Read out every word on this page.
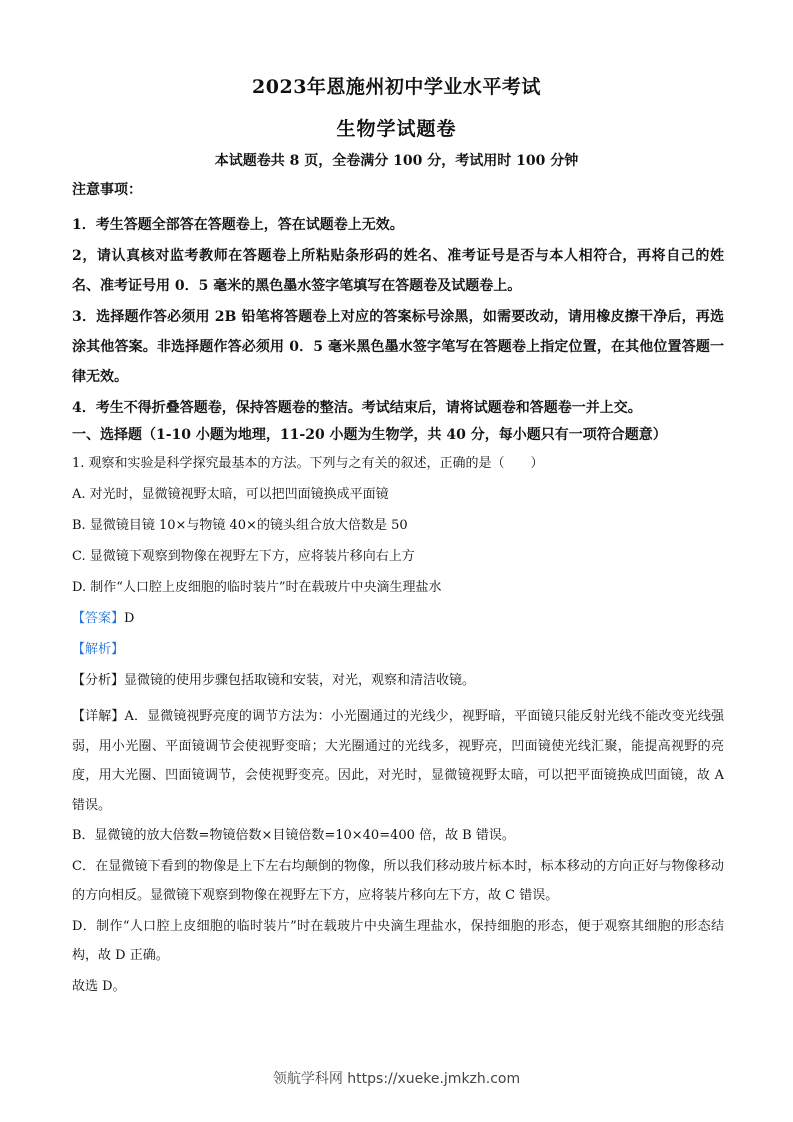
2023年恩施州初中学业水平考试
生物学试题卷
本试题卷共 8 页，全卷满分 100 分，考试用时 100 分钟
注意事项：
1．考生答题全部答在答题卷上，答在试题卷上无效。
2，请认真核对监考教师在答题卷上所粘贴条形码的姓名、准考证号是否与本人相符合，再将自己的姓名、准考证号用 0．5 毫米的黑色墨水签字笔填写在答题卷及试题卷上。
3．选择题作答必须用 2B 铅笔将答题卷上对应的答案标号涂黑，如需要改动，请用橡皮擦干净后，再选涂其他答案。非选择题作答必须用 0．5 毫米黑色墨水签字笔写在答题卷上指定位置，在其他位置答题一律无效。
4．考生不得折叠答题卷，保持答题卷的整洁。考试结束后，请将试题卷和答题卷一并上交。
一、选择题（1-10 小题为地理，11-20 小题为生物学，共 40 分，每小题只有一项符合题意）
1. 观察和实验是科学探究最基本的方法。下列与之有关的叙述，正确的是（　　）
A. 对光时，显微镜视野太暗，可以把凹面镜换成平面镜
B. 显微镜目镜 10×与物镜 40×的镜头组合放大倍数是 50
C. 显微镜下观察到物像在视野左下方，应将装片移向右上方
D. 制作“人口腔上皮细胞的临时装片”时在载玻片中央滴生理盐水
【答案】D
【解析】
【分析】显微镜的使用步骤包括取镜和安装，对光，观察和清洁收镜。
【详解】A．显微镜视野亮度的调节方法为：小光圈通过的光线少，视野暗，平面镜只能反射光线不能改变光线强弱，用小光圈、平面镜调节会使视野变暗；大光圈通过的光线多，视野亮，凹面镜使光线汇聚，能提高视野的亮度，用大光圈、凹面镜调节，会使视野变亮。因此，对光时，显微镜视野太暗，可以把平面镜换成凹面镜，故 A 错误。
B．显微镜的放大倍数=物镜倍数×目镜倍数=10×40=400 倍，故 B 错误。
C．在显微镜下看到的物像是上下左右均颠倒的物像，所以我们移动玻片标本时，标本移动的方向正好与物像移动的方向相反。显微镜下观察到物像在视野左下方，应将装片移向左下方，故 C 错误。
D．制作“人口腔上皮细胞的临时装片”时在载玻片中央滴生理盐水，保持细胞的形态，便于观察其细胞的形态结构，故 D 正确。
故选 D。
领航学科网 https://xueke.jmkzh.com
